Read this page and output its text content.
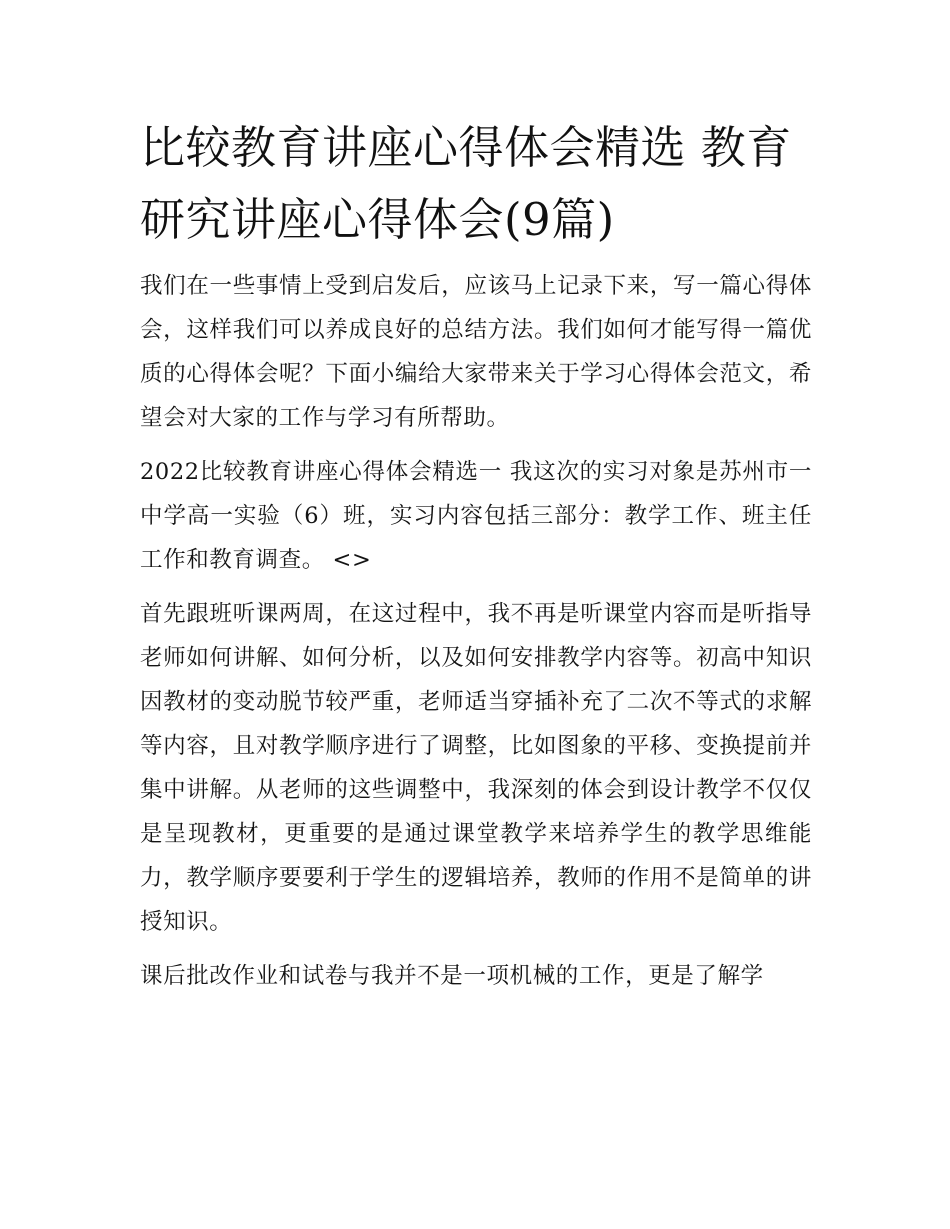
比较教育讲座心得体会精选 教育研究讲座心得体会(9篇)

我们在一些事情上受到启发后，应该马上记录下来，写一篇心得体会，这样我们可以养成良好的总结方法。我们如何才能写得一篇优质的心得体会呢？下面小编给大家带来关于学习心得体会范文，希望会对大家的工作与学习有所帮助。

2022比较教育讲座心得体会精选一 我这次的实习对象是苏州市一中学高一实验（6）班，实习内容包括三部分：教学工作、班主任工作和教育调查。 <>

首先跟班听课两周，在这过程中，我不再是听课堂内容而是听指导老师如何讲解、如何分析，以及如何安排教学内容等。初高中知识因教材的变动脱节较严重，老师适当穿插补充了二次不等式的求解等内容，且对教学顺序进行了调整，比如图象的平移、变换提前并集中讲解。从老师的这些调整中，我深刻的体会到设计教学不仅仅是呈现教材，更重要的是通过课堂教学来培养学生的教学思维能力，教学顺序要要利于学生的逻辑培养，教师的作用不是简单的讲授知识。

课后批改作业和试卷与我并不是一项机械的工作，更是了解学
